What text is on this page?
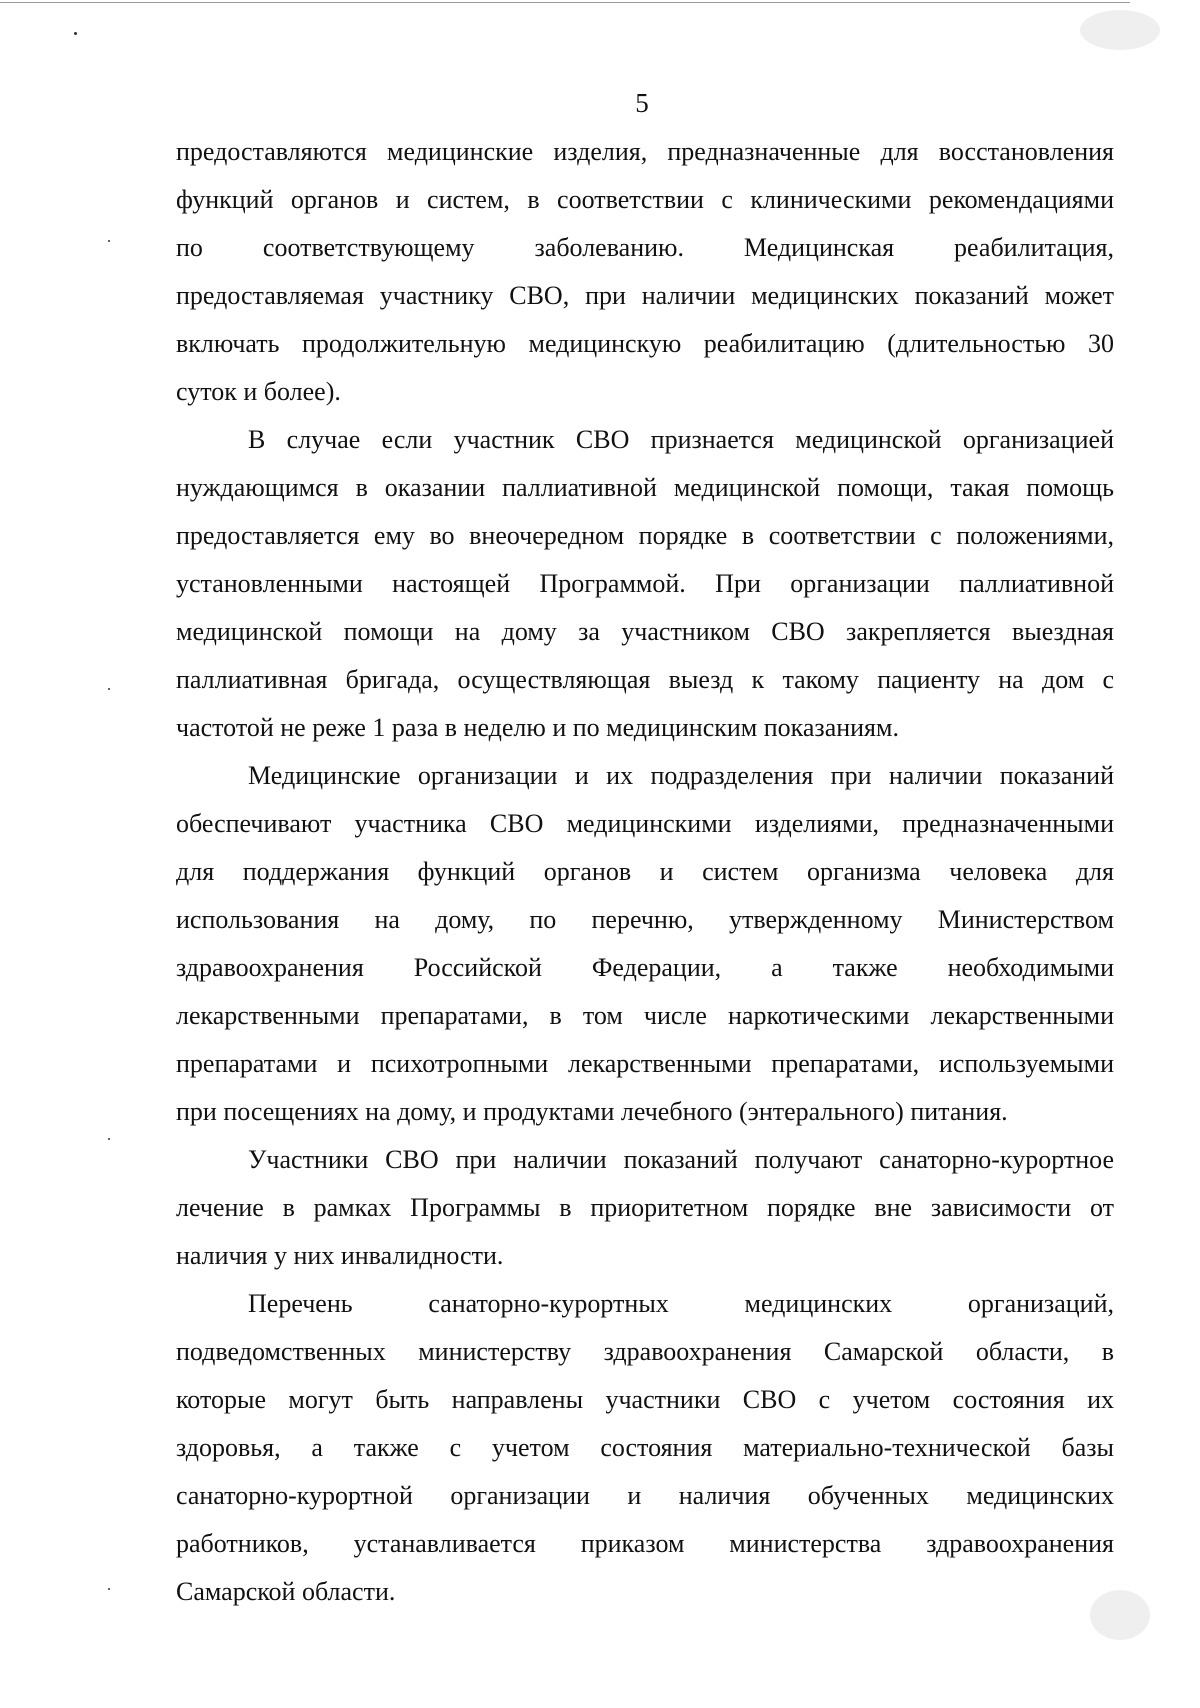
5
предоставляются медицинские изделия, предназначенные для восстановления
функций органов и систем, в соответствии с клиническими рекомендациями
по соответствующему заболеванию. Медицинская реабилитация,
предоставляемая участнику СВО, при наличии медицинских показаний может
включать продолжительную медицинскую реабилитацию (длительностью 30
суток и более).
В случае если участник СВО признается медицинской организацией
нуждающимся в оказании паллиативной медицинской помощи, такая помощь
предоставляется ему во внеочередном порядке в соответствии с положениями,
установленными настоящей Программой. При организации паллиативной
медицинской помощи на дому за участником СВО закрепляется выездная
паллиативная бригада, осуществляющая выезд к такому пациенту на дом с
частотой не реже 1 раза в неделю и по медицинским показаниям.
Медицинские организации и их подразделения при наличии показаний
обеспечивают участника СВО медицинскими изделиями, предназначенными
для поддержания функций органов и систем организма человека для
использования на дому, по перечню, утвержденному Министерством
здравоохранения Российской Федерации, а также необходимыми
лекарственными препаратами, в том числе наркотическими лекарственными
препаратами и психотропными лекарственными препаратами, используемыми
при посещениях на дому, и продуктами лечебного (энтерального) питания.
Участники СВО при наличии показаний получают санаторно-курортное
лечение в рамках Программы в приоритетном порядке вне зависимости от
наличия у них инвалидности.
Перечень санаторно-курортных медицинских организаций,
подведомственных министерству здравоохранения Самарской области, в
которые могут быть направлены участники СВО с учетом состояния их
здоровья, а также с учетом состояния материально-технической базы
санаторно-курортной организации и наличия обученных медицинских
работников, устанавливается приказом министерства здравоохранения
Самарской области.
